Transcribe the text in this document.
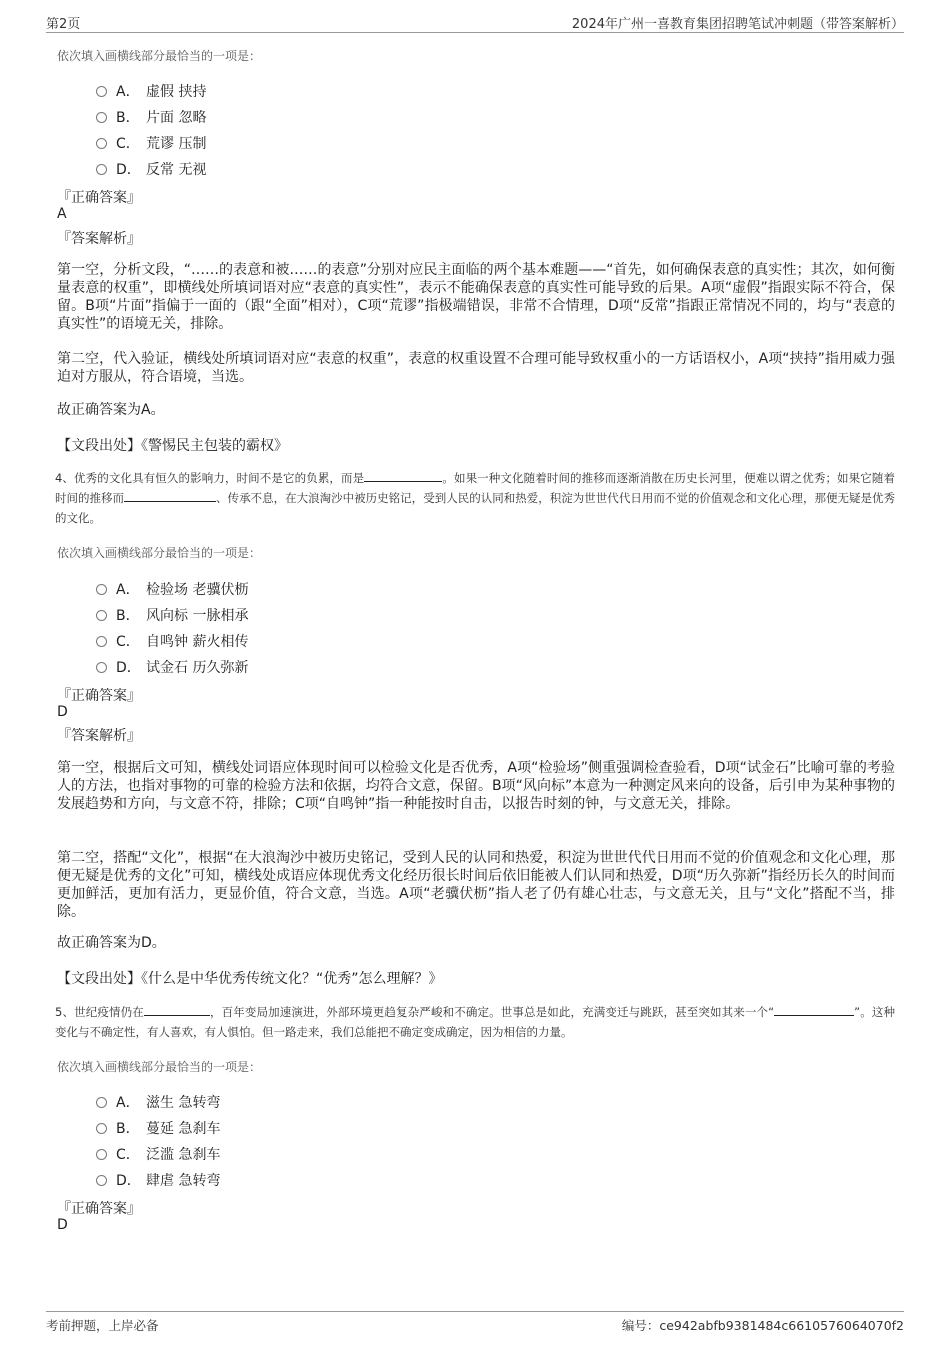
第2页	2024年广州一喜教育集团招聘笔试冲刺题（带答案解析）
依次填入画横线部分最恰当的一项是：
A． 虚假 挟持
B． 片面 忽略
C． 荒谬 压制
D． 反常 无视
『正确答案』
A
『答案解析』
第一空，分析文段，“……的表意和被……的表意”分别对应民主面临的两个基本难题——“首先，如何确保表意的真实性；其次，如何衡量表意的权重”，即横线处所填词语对应“表意的真实性”，表示不能确保表意的真实性可能导致的后果。A项“虚假”指跟实际不符合，保留。B项“片面”指偏于一面的（跟“全面”相对），C项“荒谬”指极端错误，非常不合情理，D项“反常”指跟正常情况不同的，均与“表意的真实性”的语境无关，排除。
第二空，代入验证，横线处所填词语对应“表意的权重”，表意的权重设置不合理可能导致权重小的一方话语权小，A项“挟持”指用威力强迫对方服从，符合语境，当选。
故正确答案为A。
【文段出处】《警惕民主包装的霸权》
4、优秀的文化具有恒久的影响力，时间不是它的负累，而是	。如果一种文化随着时间的推移而逐渐消散在历史长河里，便难以谓之优秀；如果它随着时间的推移而	、传承不息，在大浪淘沙中被历史铭记，受到人民的认同和热爱，积淀为世世代代日用而不觉的价值观念和文化心理，那便无疑是优秀的文化。
依次填入画横线部分最恰当的一项是：
A． 检验场 老骥伏枥
B． 风向标 一脉相承
C． 自鸣钟 薪火相传
D． 试金石 历久弥新
『正确答案』
D
『答案解析』
第一空，根据后文可知，横线处词语应体现时间可以检验文化是否优秀，A项“检验场”侧重强调检查验看，D项“试金石”比喻可靠的考验人的方法，也指对事物的可靠的检验方法和依据，均符合文意，保留。B项“风向标”本意为一种测定风来向的设备，后引申为某种事物的发展趋势和方向，与文意不符，排除；C项“自鸣钟”指一种能按时自击，以报告时刻的钟，与文意无关，排除。
第二空，搭配“文化”，根据“在大浪淘沙中被历史铭记，受到人民的认同和热爱，积淀为世世代代日用而不觉的价值观念和文化心理，那便无疑是优秀的文化”可知，横线处成语应体现优秀文化经历很长时间后依旧能被人们认同和热爱，D项“历久弥新”指经历长久的时间而更加鲜活，更加有活力，更显价值，符合文意，当选。A项“老骥伏枥”指人老了仍有雄心壮志，与文意无关，且与“文化”搭配不当，排除。
故正确答案为D。
【文段出处】《什么是中华优秀传统文化？“优秀”怎么理解？》
5、世纪疫情仍在	，百年变局加速演进，外部环境更趋复杂严峻和不确定。世事总是如此，充满变迁与跳跃，甚至突如其来一个“	”。这种变化与不确定性，有人喜欢，有人惧怕。但一路走来，我们总能把不确定变成确定，因为相信的力量。
依次填入画横线部分最恰当的一项是：
A． 滋生 急转弯
B． 蔓延 急刹车
C． 泛滥 急刹车
D． 肆虐 急转弯
『正确答案』
D
考前押题，上岸必备	编号：ce942abfb9381484c6610576064070f2
